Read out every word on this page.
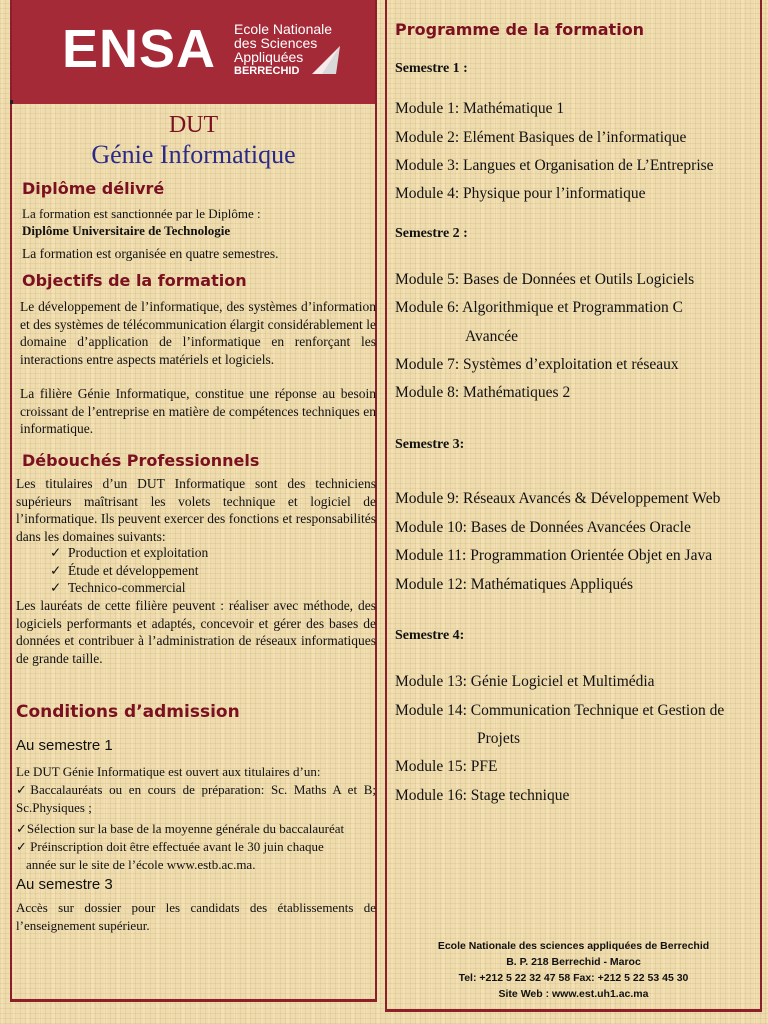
ENSA Ecole Nationale
des Sciences
Appliquées
BERRECHID
DUT
Génie Informatique
Diplôme délivré
La formation est sanctionnée par le Diplôme :
Diplôme Universitaire de Technologie
La formation est organisée en quatre semestres.
Objectifs de la formation
Le développement de l’informatique, des systèmes d’information et des systèmes de télécommunication élargit considérablement le domaine d’application de l’informatique en renforçant les interactions entre aspects matériels et logiciels.
La filière Génie Informatique, constitue une réponse au besoin croissant de l’entreprise en matière de compétences techniques en informatique.
Débouchés Professionnels
Les titulaires d’un DUT Informatique sont des techniciens supérieurs maîtrisant les volets technique et logiciel de l’informatique. Ils peuvent exercer des fonctions et responsabilités dans les domaines suivants:
✓ Production et exploitation
✓ Étude et développement
✓ Technico-commercial
Les lauréats de cette filière peuvent : réaliser avec méthode, des logiciels performants et adaptés, concevoir et gérer des bases de données et contribuer à l’administration de réseaux informatiques de grande taille.
Conditions d’admission
Au semestre 1
Le DUT Génie Informatique est ouvert aux titulaires d’un:
✓Baccalauréats ou en cours de préparation: Sc. Maths A et B; Sc.Physiques ;
✓Sélection sur la base de la moyenne générale du baccalauréat
✓ Préinscription doit être effectuée avant le 30 juin chaque
année sur le site de l’école www.estb.ac.ma.
Au semestre 3
Accès sur dossier pour les candidats des établissements de l’enseignement supérieur.
Programme de la formation
Semestre 1 :
Module 1: Mathématique 1
Module 2: Elément Basiques de l’informatique
Module 3: Langues et Organisation de L’Entreprise
Module 4: Physique pour l’informatique
Semestre 2 :
Module 5: Bases de Données et Outils Logiciels
Module 6: Algorithmique et Programmation C
Avancée
Module 7: Systèmes d’exploitation et réseaux
Module 8: Mathématiques 2
Semestre 3:
Module 9: Réseaux Avancés & Développement Web
Module 10: Bases de Données Avancées Oracle
Module 11: Programmation Orientée Objet en Java
Module 12: Mathématiques Appliqués
Semestre 4:
Module 13: Génie Logiciel et Multimédia
Module 14: Communication Technique et Gestion de
Projets
Module 15: PFE
Module 16: Stage technique
Ecole Nationale des sciences appliquées de Berrechid
B. P. 218 Berrechid - Maroc
Tel: +212 5 22 32 47 58 Fax: +212 5 22 53 45 30
Site Web : www.est.uh1.ac.ma
